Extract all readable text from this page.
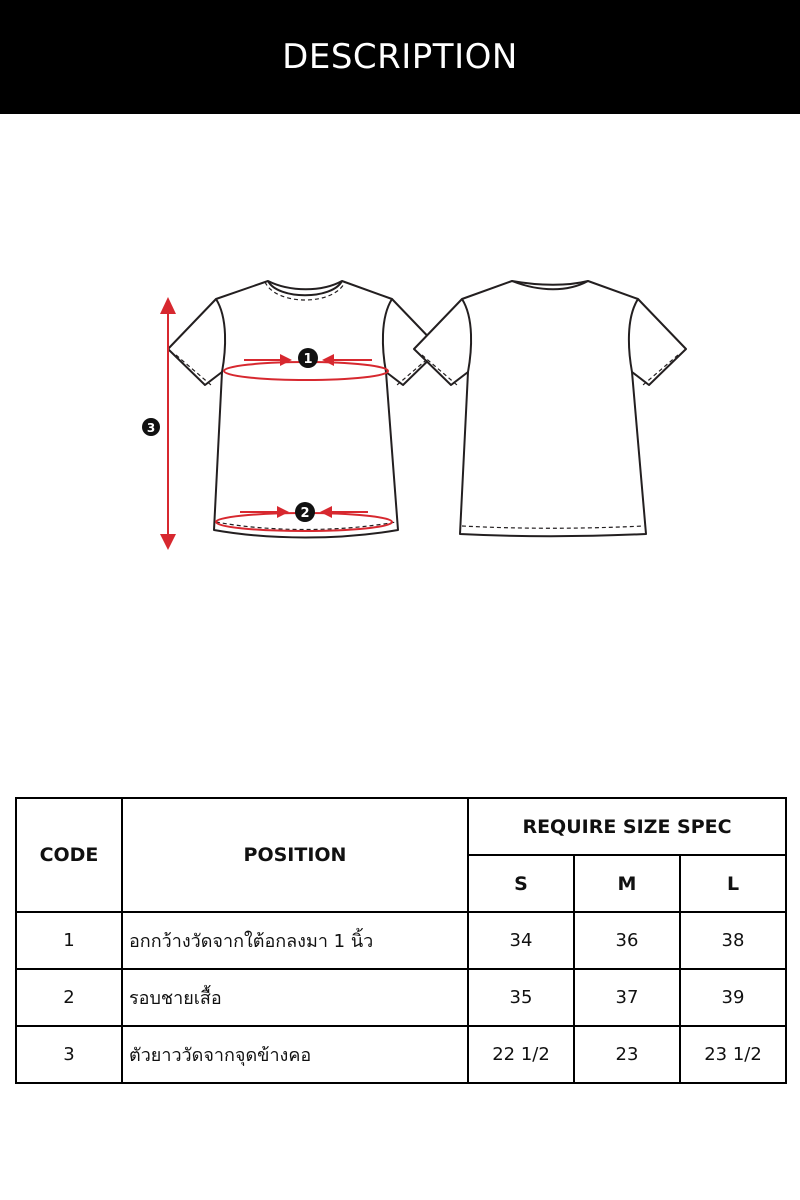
DESCRIPTION
1
2
3
CODE	POSITION	REQUIRE SIZE SPEC		
		S	M	L
1	อกกว้างวัดจากใต้อกลงมา 1 นิ้ว	34	36	38
2	รอบชายเสื้อ	35	37	39
3	ตัวยาววัดจากจุดข้างคอ	22 1/2	23	23 1/2
